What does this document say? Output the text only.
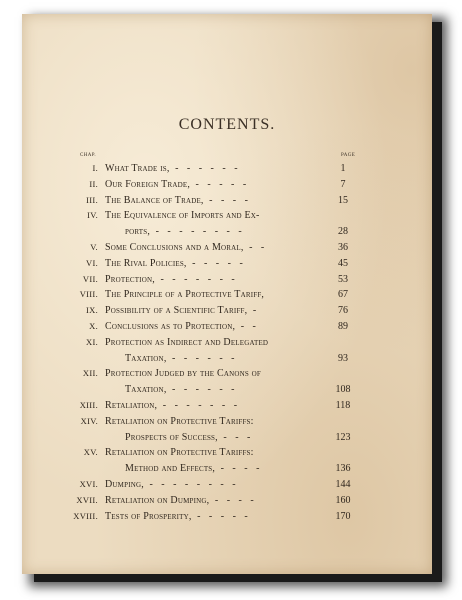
CONTENTS.
CHAP.	PAGE
I. What Trade is, - - - - - -	1
II. Our Foreign Trade, - - - - -	7
III. The Balance of Trade, - - - -	15
IV. The Equivalence of Imports and Ex-
ports, - - - - - - - -	28
V. Some Conclusions and a Moral, - -	36
VI. The Rival Policies, - - - - -	45
VII. Protection, - - - - - - -	53
VIII. The Principle of a Protective Tariff,	67
IX. Possibility of a Scientific Tariff, -	76
X. Conclusions as to Protection, - -	89
XI. Protection as Indirect and Delegated
Taxation, - - - - - -	93
XII. Protection Judged by the Canons of
Taxation, - - - - - -	108
XIII. Retaliation, - - - - - - -	118
XIV. Retaliation on Protective Tariffs:
Prospects of Success, - - -	123
XV. Retaliation on Protective Tariffs:
Method and Effects, - - - -	136
XVI. Dumping, - - - - - - - -	144
XVII. Retaliation on Dumping, - - - -	160
XVIII. Tests of Prosperity, - - - - -	170
